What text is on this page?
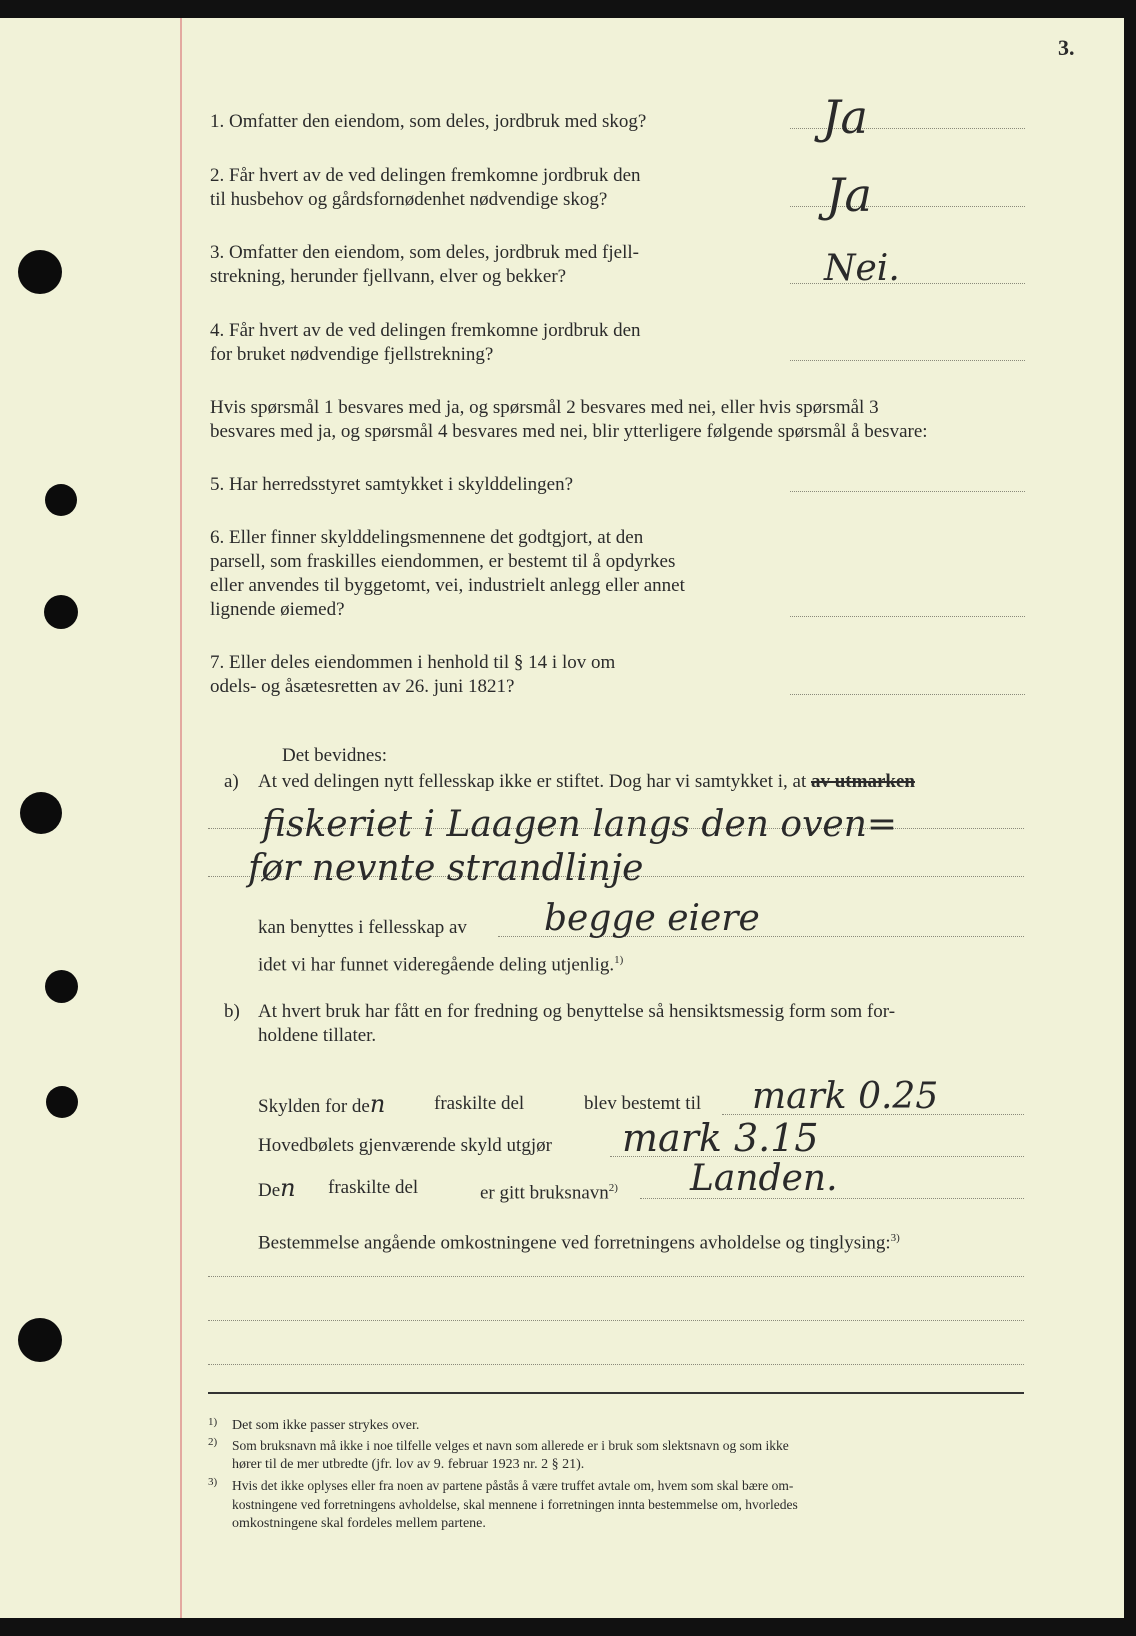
3.
1. Omfatter den eiendom, som deles, jordbruk med skog?	Ja
2. Får hvert av de ved delingen fremkomne jordbruk den
til husbehov og gårdsfornødenhet nødvendige skog?	Ja
3. Omfatter den eiendom, som deles, jordbruk med fjell-
strekning, herunder fjellvann, elver og bekker?	Nei.
4. Får hvert av de ved delingen fremkomne jordbruk den
for bruket nødvendige fjellstrekning?
Hvis spørsmål 1 besvares med ja, og spørsmål 2 besvares med nei, eller hvis spørsmål 3
besvares med ja, og spørsmål 4 besvares med nei, blir ytterligere følgende spørsmål å besvare:
5. Har herredsstyret samtykket i skylddelingen?
6. Eller finner skylddelingsmennene det godtgjort, at den
parsell, som fraskilles eiendommen, er bestemt til å opdyrkes
eller anvendes til byggetomt, vei, industrielt anlegg eller annet
lignende øiemed?
7. Eller deles eiendommen i henhold til § 14 i lov om
odels- og åsætesretten av 26. juni 1821?
Det bevidnes:
a) At ved delingen nytt fellesskap ikke er stiftet. Dog har vi samtykket i, at av utmarken
fiskeriet i Laagen langs den oven=
før nevnte strandlinje
kan benyttes i fellesskap av begge eiere
idet vi har funnet videregående deling utjenlig.$^{1)}$
b) At hvert bruk har fått en for fredning og benyttelse så hensiktsmessig form som for-
holdene tillater.
Skylden for den	fraskilte del	blev bestemt til mark 0.25
Hovedbølets gjenværende skyld utgjør mark 3.15
Den fraskilte del	er gitt bruksnavn$^{2)}$ Landen.
Bestemmelse angående omkostningene ved forretningens avholdelse og tinglysing:$^{3)}$
1) Det som ikke passer strykes over.
2) Som bruksnavn må ikke i noe tilfelle velges et navn som allerede er i bruk som slektsnavn og som ikke
hører til de mer utbredte (jfr. lov av 9. februar 1923 nr. 2 § 21).
3) Hvis det ikke oplyses eller fra noen av partene påstås å være truffet avtale om, hvem som skal bære om-
kostningene ved forretningens avholdelse, skal mennene i forretningen innta bestemmelse om, hvorledes
omkostningene skal fordeles mellem partene.
